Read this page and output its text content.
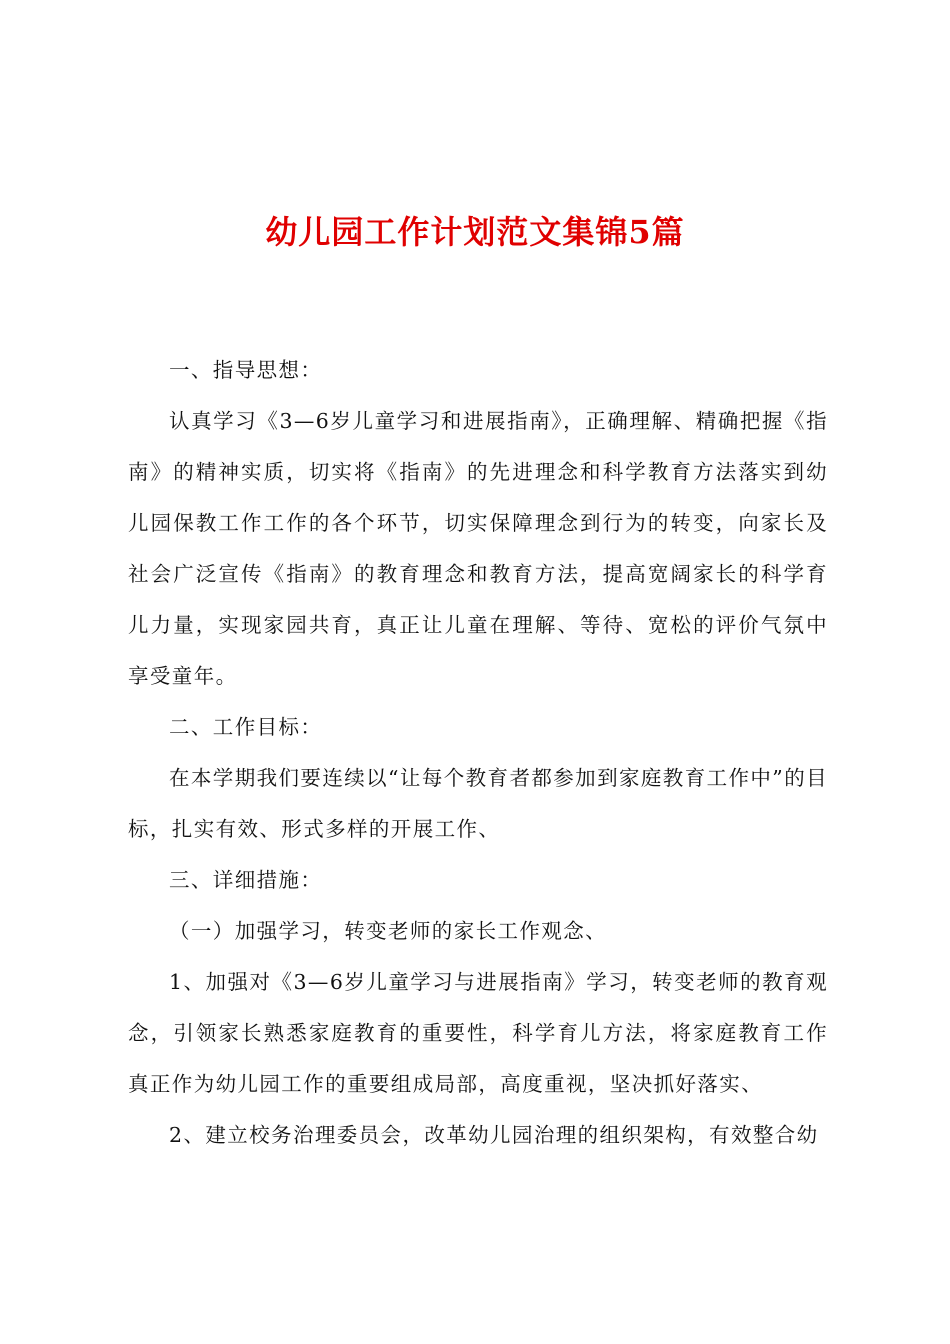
幼儿园工作计划范文集锦5篇

一、指导思想：

认真学习《3—6岁儿童学习和进展指南》，正确理解、精确把握《指南》的精神实质，切实将《指南》的先进理念和科学教育方法落实到幼儿园保教工作工作的各个环节，切实保障理念到行为的转变，向家长及社会广泛宣传《指南》的教育理念和教育方法，提高宽阔家长的科学育儿力量，实现家园共育，真正让儿童在理解、等待、宽松的评价气氛中享受童年。

二、工作目标：

在本学期我们要连续以“让每个教育者都参加到家庭教育工作中”的目标，扎实有效、形式多样的开展工作、

三、详细措施：

（一）加强学习，转变老师的家长工作观念、

1、加强对《3—6岁儿童学习与进展指南》学习，转变老师的教育观念，引领家长熟悉家庭教育的重要性，科学育儿方法，将家庭教育工作真正作为幼儿园工作的重要组成局部，高度重视，坚决抓好落实、

2、建立校务治理委员会，改革幼儿园治理的组织架构，有效整合幼
